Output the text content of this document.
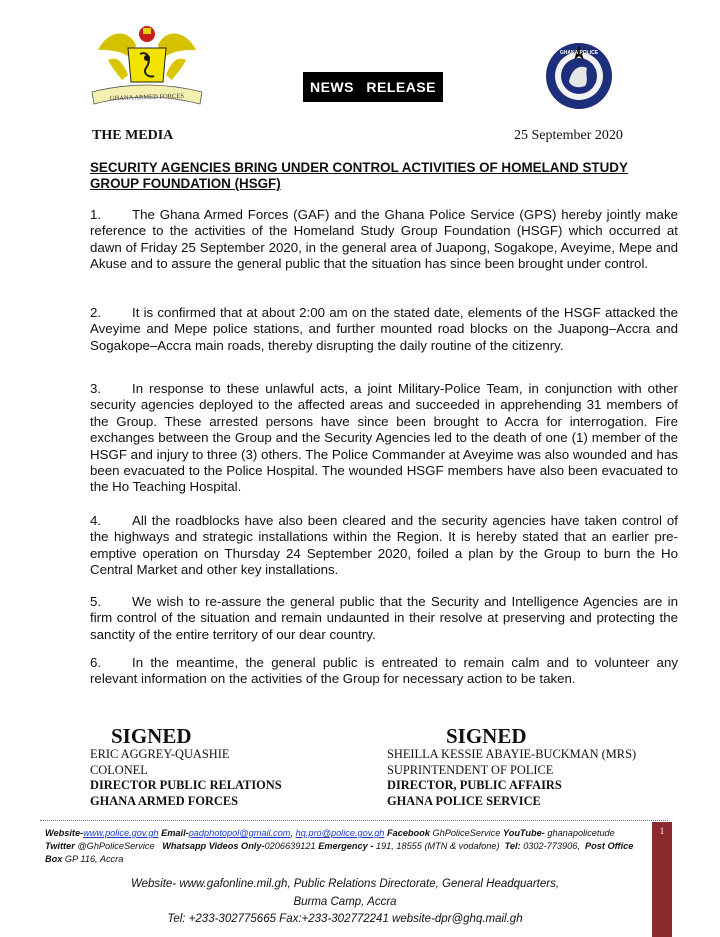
GHANA ARMED FORCES
GHANA POLICE
NEWS RELEASE
THE MEDIA	25 September 2020
SECURITY AGENCIES BRING UNDER CONTROL ACTIVITIES OF HOMELAND STUDY GROUP FOUNDATION (HSGF)
1. The Ghana Armed Forces (GAF) and the Ghana Police Service (GPS) hereby jointly make reference to the activities of the Homeland Study Group Foundation (HSGF) which occurred at dawn of Friday 25 September 2020, in the general area of Juapong, Sogakope, Aveyime, Mepe and Akuse and to assure the general public that the situation has since been brought under control.
2. It is confirmed that at about 2:00 am on the stated date, elements of the HSGF attacked the Aveyime and Mepe police stations, and further mounted road blocks on the Juapong–Accra and Sogakope–Accra main roads, thereby disrupting the daily routine of the citizenry.
3. In response to these unlawful acts, a joint Military-Police Team, in conjunction with other security agencies deployed to the affected areas and succeeded in apprehending 31 members of the Group. These arrested persons have since been brought to Accra for interrogation. Fire exchanges between the Group and the Security Agencies led to the death of one (1) member of the HSGF and injury to three (3) others. The Police Commander at Aveyime was also wounded and has been evacuated to the Police Hospital. The wounded HSGF members have also been evacuated to the Ho Teaching Hospital.
4. All the roadblocks have also been cleared and the security agencies have taken control of the highways and strategic installations within the Region. It is hereby stated that an earlier pre-emptive operation on Thursday 24 September 2020, foiled a plan by the Group to burn the Ho Central Market and other key installations.
5. We wish to re-assure the general public that the Security and Intelligence Agencies are in firm control of the situation and remain undaunted in their resolve at preserving and protecting the sanctity of the entire territory of our dear country.
6. In the meantime, the general public is entreated to remain calm and to volunteer any relevant information on the activities of the Group for necessary action to be taken.
SIGNED	SIGNED
ERIC AGGREY-QUASHIE
COLONEL
DIRECTOR PUBLIC RELATIONS
GHANA ARMED FORCES
SHEILLA KESSIE ABAYIE-BUCKMAN (MRS)
SUPRINTENDENT OF POLICE
DIRECTOR, PUBLIC AFFAIRS
GHANA POLICE SERVICE
1
Website-www.police.gov.gh Email-padphotopol@gmail.com, hq.pro@police.gov.gh Facebook GhPoliceService YouTube- ghanapolicetude
Twitter @GhPoliceService Whatsapp Videos Only-0206639121 Emergency - 191, 18555 (MTN & vodafone) Tel: 0302-773906, Post Office Box GP 116, Accra
Website- www.gafonline.mil.gh, Public Relations Directorate, General Headquarters,
Burma Camp, Accra
Tel: +233-302775665 Fax:+233-302772241 website-dpr@ghq.mail.gh
